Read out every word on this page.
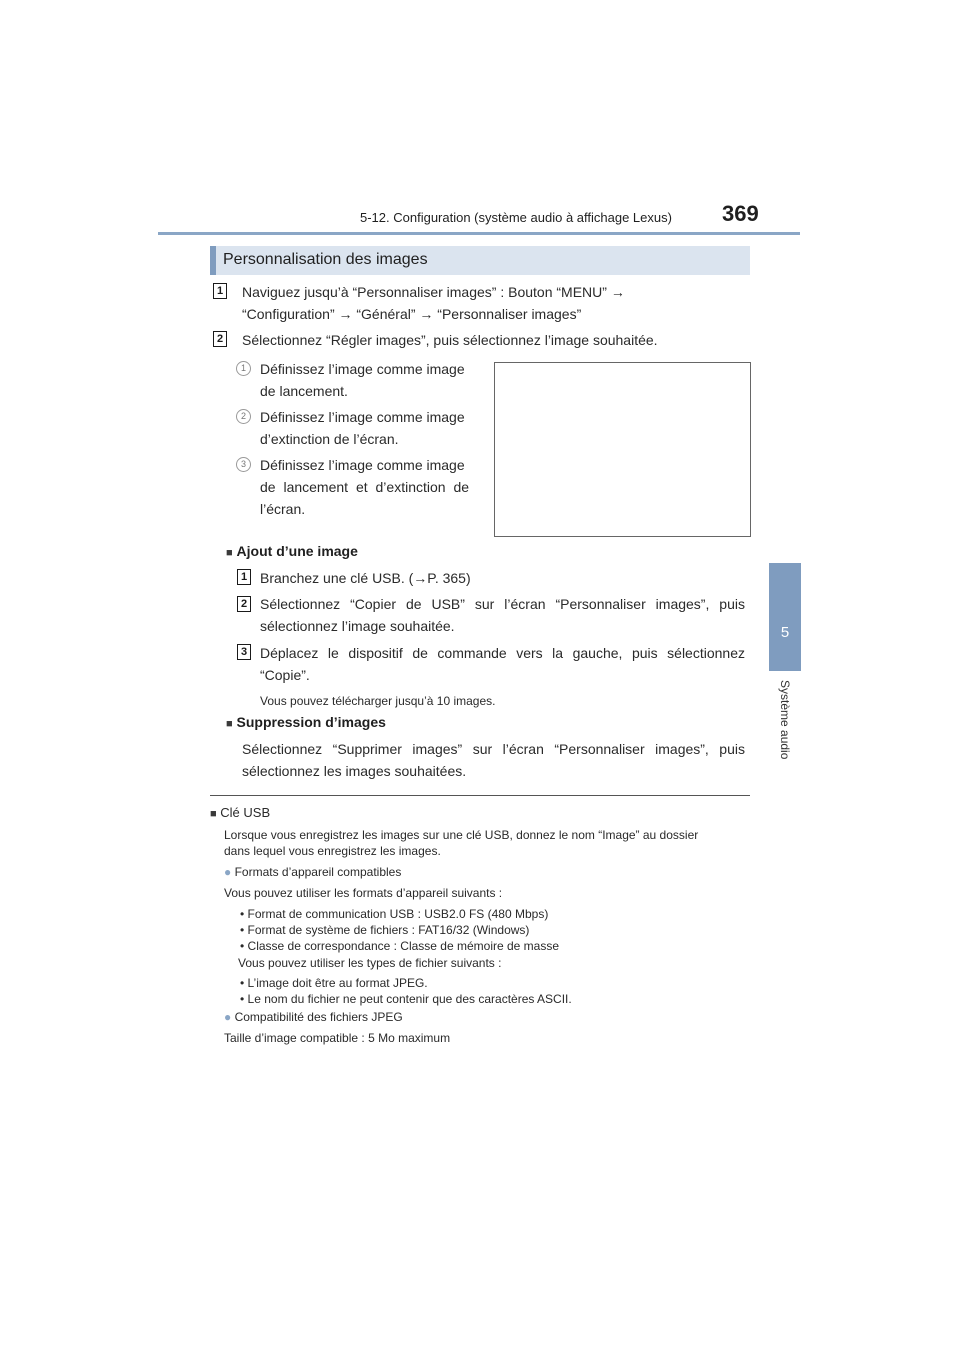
5-12. Configuration (système audio à affichage Lexus)	369
5
Système audio
Personnalisation des images
1 Naviguez jusqu’à “Personnaliser images” : Bouton “MENU” →
“Configuration” → “Général” → “Personnaliser images”
2 Sélectionnez “Régler images”, puis sélectionnez l’image souhaitée.
1	Définissez l’image comme image
de lancement.
2	Définissez l’image comme image
d’extinction de l’écran.
3	Définissez l’image comme image
de lancement et d’extinction de
l’écran.
■ Ajout d’une image
1 Branchez une clé USB. (→P. 365)
2 Sélectionnez “Copier de USB” sur l’écran “Personnaliser images”, puis
sélectionnez l’image souhaitée.
3 Déplacez le dispositif de commande vers la gauche, puis sélectionnez
“Copie”.
Vous pouvez télécharger jusqu’à 10 images.
■ Suppression d’images
Sélectionnez “Supprimer images” sur l’écran “Personnaliser images”, puis
sélectionnez les images souhaitées.
■ Clé USB
Lorsque vous enregistrez les images sur une clé USB, donnez le nom “Image” au dossier
dans lequel vous enregistrez les images.
● Formats d’appareil compatibles
Vous pouvez utiliser les formats d’appareil suivants :
• Format de communication USB : USB2.0 FS (480 Mbps)
• Format de système de fichiers : FAT16/32 (Windows)
• Classe de correspondance : Classe de mémoire de masse
Vous pouvez utiliser les types de fichier suivants :
• L’image doit être au format JPEG.
• Le nom du fichier ne peut contenir que des caractères ASCII.
● Compatibilité des fichiers JPEG
Taille d’image compatible : 5 Mo maximum
